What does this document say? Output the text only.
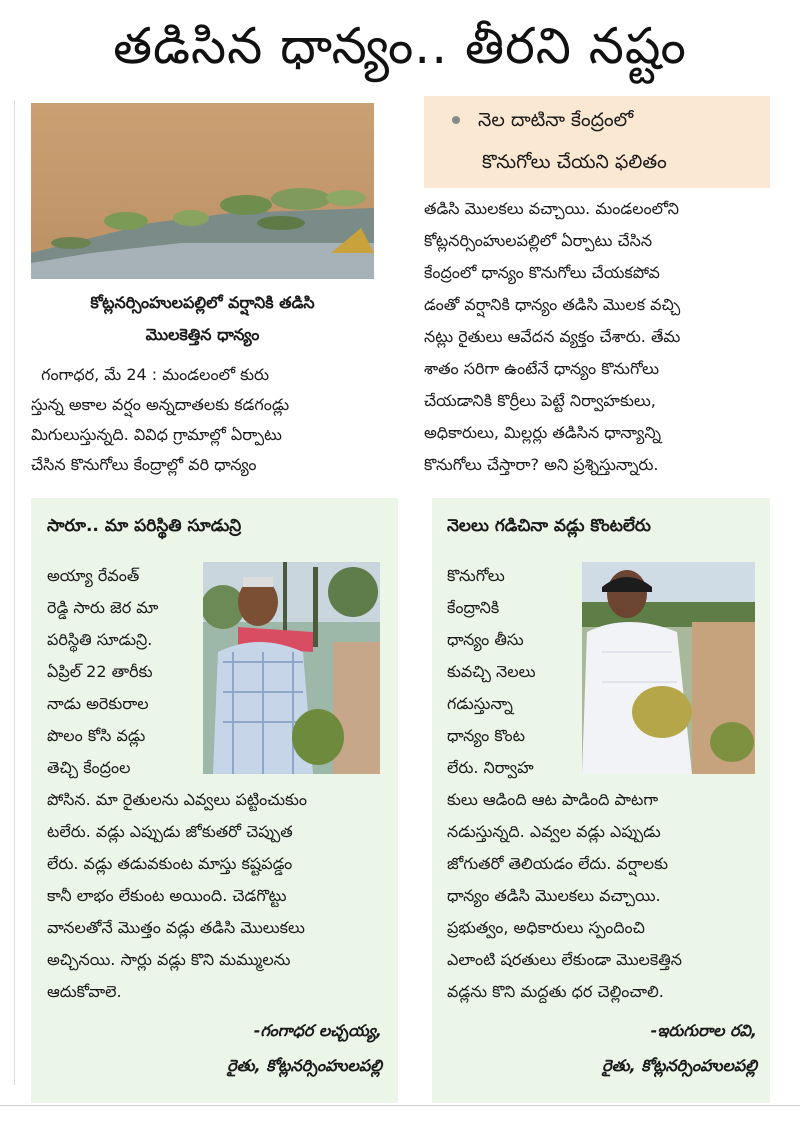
తడిసిన ధాన్యం.. తీరని నష్టం
కోట్లనర్సింహులపల్లిలో వర్షానికి తడిసి
మొలకెత్తిన ధాన్యం
గంగాధర, మే 24 : మండలంలో కురు
స్తున్న అకాల వర్షం అన్నదాతలకు కడగండ్లు
మిగులుస్తున్నది. వివిధ గ్రామాల్లో ఏర్పాటు
చేసిన కొనుగోలు కేంద్రాల్లో వరి ధాన్యం
నెల దాటినా కేంద్రంలో
కొనుగోలు చేయని ఫలితం
తడిసి మొలకలు వచ్చాయి. మండలంలోని
కోట్లనర్సింహులపల్లిలో ఏర్పాటు చేసిన
కేంద్రంలో ధాన్యం కొనుగోలు చేయకపోవ
డంతో వర్షానికి ధాన్యం తడిసి మొలక వచ్చి
నట్లు రైతులు ఆవేదన వ్యక్తం చేశారు. తేమ
శాతం సరిగా ఉంటేనే ధాన్యం కొనుగోలు
చేయడానికి కొర్రీలు పెట్టే నిర్వాహకులు,
అధికారులు, మిల్లర్లు తడిసిన ధాన్యాన్ని
కొనుగోలు చేస్తారా? అని ప్రశ్నిస్తున్నారు.
సారూ.. మా పరిస్థితి సూడున్రి
అయ్యా రేవంత్
రెడ్డి సారు జెర మా
పరిస్థితి సూడున్రి.
ఏప్రిల్ 22 తారీకు
నాడు అరెకురాల
పొలం కోసి వడ్లు
తెచ్చి కేంద్రంల
పోసిన. మా రైతులను ఎవ్వలు పట్టించుకుం
టలేరు. వడ్లు ఎప్పుడు జోకుతరో చెప్పుత
లేరు. వడ్లు తడువకుంట మాస్తు కష్టపడ్డం
కానీ లాభం లేకుంట అయింది. చెడగొట్టు
వానలతోనే మొత్తం వడ్లు తడిసి మొలుకలు
అచ్చినయి. సార్లు వడ్లు కొని మమ్ములను
ఆదుకోవాలె.
-గంగాధర లచ్చయ్య,
రైతు, కోట్లనర్సింహులపల్లి
నెలలు గడిచినా వడ్లు కొంటలేరు
కొనుగోలు
కేంద్రానికి
ధాన్యం తీసు
కువచ్చి నెలలు
గడుస్తున్నా
ధాన్యం కొంట
లేరు. నిర్వాహ
కులు ఆడింది ఆట పాడింది పాటగా
నడుస్తున్నది. ఎవ్వల వడ్లు ఎప్పుడు
జోగుతరో తెలియడం లేదు. వర్షాలకు
ధాన్యం తడిసి మొలకలు వచ్చాయి.
ప్రభుత్వం, అధికారులు స్పందించి
ఎలాంటి షరతులు లేకుండా మొలకెత్తిన
వడ్లను కొని మద్దతు ధర చెల్లించాలి.
-ఇరుగురాల రవి,
రైతు, కోట్లనర్సింహులపల్లి
